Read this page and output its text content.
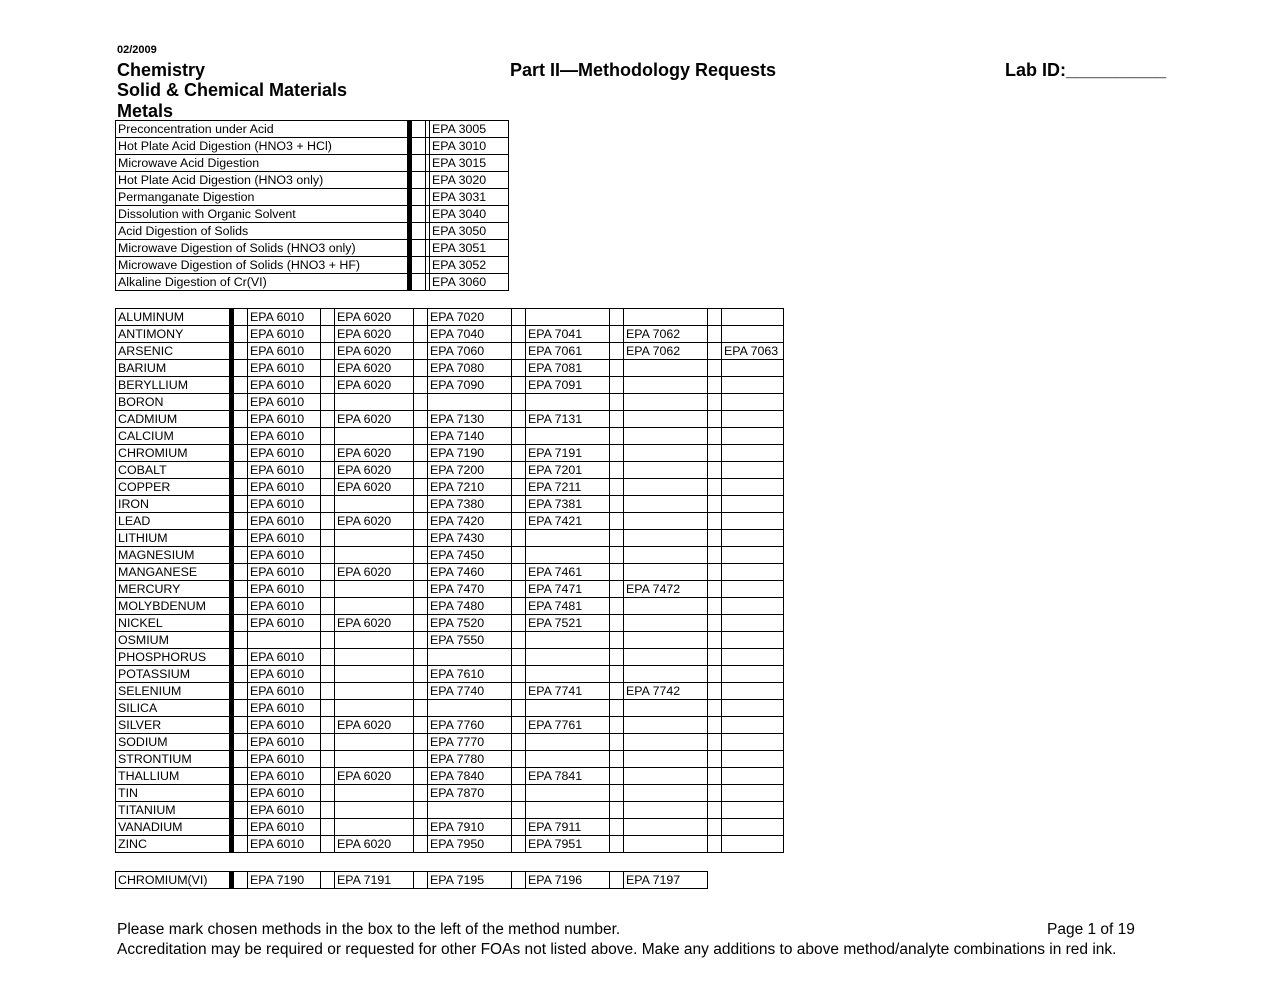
02/2009
Chemistry
Solid & Chemical Materials
Metals
Part II—Methodology Requests	Lab ID:__________
Preconcentration under Acid				EPA 3005
Hot Plate Acid Digestion (HNO3 + HCl)				EPA 3010
Microwave Acid Digestion				EPA 3015
Hot Plate Acid Digestion (HNO3 only)				EPA 3020
Permanganate Digestion				EPA 3031
Dissolution with Organic Solvent				EPA 3040
Acid Digestion of Solids				EPA 3050
Microwave Digestion of Solids (HNO3 only)				EPA 3051
Microwave Digestion of Solids (HNO3 + HF)				EPA 3052
Alkaline Digestion of Cr(VI)				EPA 3060
ALUMINUM			EPA 6010		EPA 6020		EPA 7020						
ANTIMONY			EPA 6010		EPA 6020		EPA 7040		EPA 7041		EPA 7062		
ARSENIC			EPA 6010		EPA 6020		EPA 7060		EPA 7061		EPA 7062		EPA 7063
BARIUM			EPA 6010		EPA 6020		EPA 7080		EPA 7081				
BERYLLIUM			EPA 6010		EPA 6020		EPA 7090		EPA 7091				
BORON			EPA 6010										
CADMIUM			EPA 6010		EPA 6020		EPA 7130		EPA 7131				
CALCIUM			EPA 6010				EPA 7140						
CHROMIUM			EPA 6010		EPA 6020		EPA 7190		EPA 7191				
COBALT			EPA 6010		EPA 6020		EPA 7200		EPA 7201				
COPPER			EPA 6010		EPA 6020		EPA 7210		EPA 7211				
IRON			EPA 6010				EPA 7380		EPA 7381				
LEAD			EPA 6010		EPA 6020		EPA 7420		EPA 7421				
LITHIUM			EPA 6010				EPA 7430						
MAGNESIUM			EPA 6010				EPA 7450						
MANGANESE			EPA 6010		EPA 6020		EPA 7460		EPA 7461				
MERCURY			EPA 6010				EPA 7470		EPA 7471		EPA 7472		
MOLYBDENUM			EPA 6010				EPA 7480		EPA 7481				
NICKEL			EPA 6010		EPA 6020		EPA 7520		EPA 7521				
OSMIUM							EPA 7550						
PHOSPHORUS			EPA 6010										
POTASSIUM			EPA 6010				EPA 7610						
SELENIUM			EPA 6010				EPA 7740		EPA 7741		EPA 7742		
SILICA			EPA 6010										
SILVER			EPA 6010		EPA 6020		EPA 7760		EPA 7761				
SODIUM			EPA 6010				EPA 7770						
STRONTIUM			EPA 6010				EPA 7780						
THALLIUM			EPA 6010		EPA 6020		EPA 7840		EPA 7841				
TIN			EPA 6010				EPA 7870						
TITANIUM			EPA 6010										
VANADIUM			EPA 6010				EPA 7910		EPA 7911				
ZINC			EPA 6010		EPA 6020		EPA 7950		EPA 7951				
CHROMIUM(VI)			EPA 7190		EPA 7191		EPA 7195		EPA 7196		EPA 7197
Please mark chosen methods in the box to the left of the method number.	Page 1 of 19
Accreditation may be required or requested for other FOAs not listed above. Make any additions to above method/analyte combinations in red ink.
